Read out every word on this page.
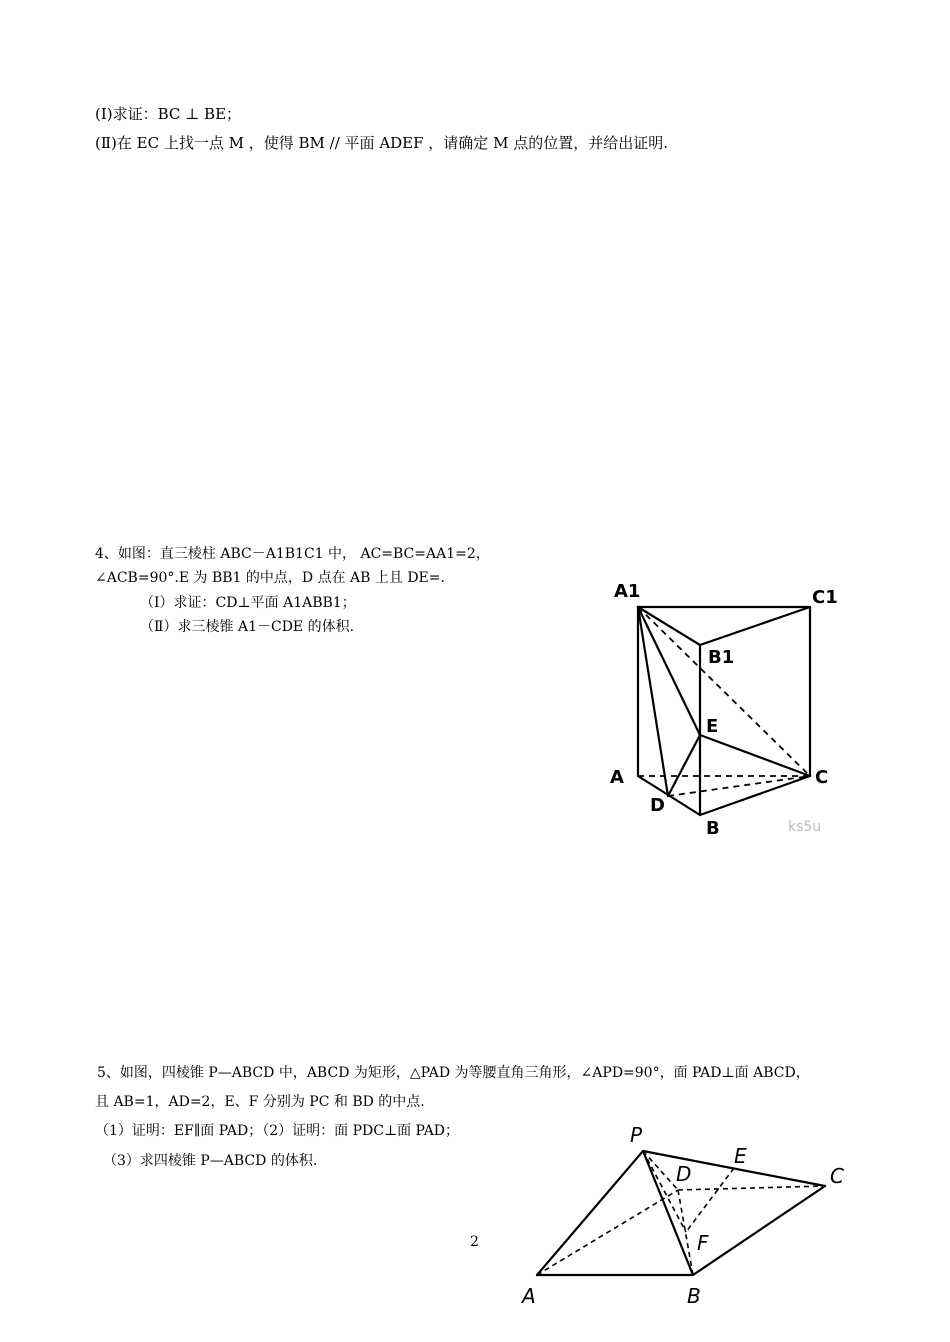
(Ⅰ)求证：BC ⊥ BE；
(Ⅱ)在 EC 上找一点 M ，使得 BM // 平面 ADEF ，请确定 M 点的位置，并给出证明.
4、如图：直三棱柱 ABC－A1B1C1 中， AC=BC=AA1=2，
∠ACB=90°.E 为 BB1 的中点，D 点在 AB 上且 DE=.
（Ⅰ）求证：CD⊥平面 A1ABB1；
（Ⅱ）求三棱锥 A1－CDE 的体积.
A1	C1
B1
E
A	C
D
B	ks5u
5、如图，四棱锥 P—ABCD 中，ABCD 为矩形，△PAD 为等腰直角三角形，∠APD=90°，面 PAD⊥面 ABCD，
且 AB=1，AD=2，E、F 分别为 PC 和 BD 的中点.
（1）证明：EF∥面 PAD；（2）证明：面 PDC⊥面 PAD；
（3）求四棱锥 P—ABCD 的体积.
P
E
D	C
F
A	B
2
